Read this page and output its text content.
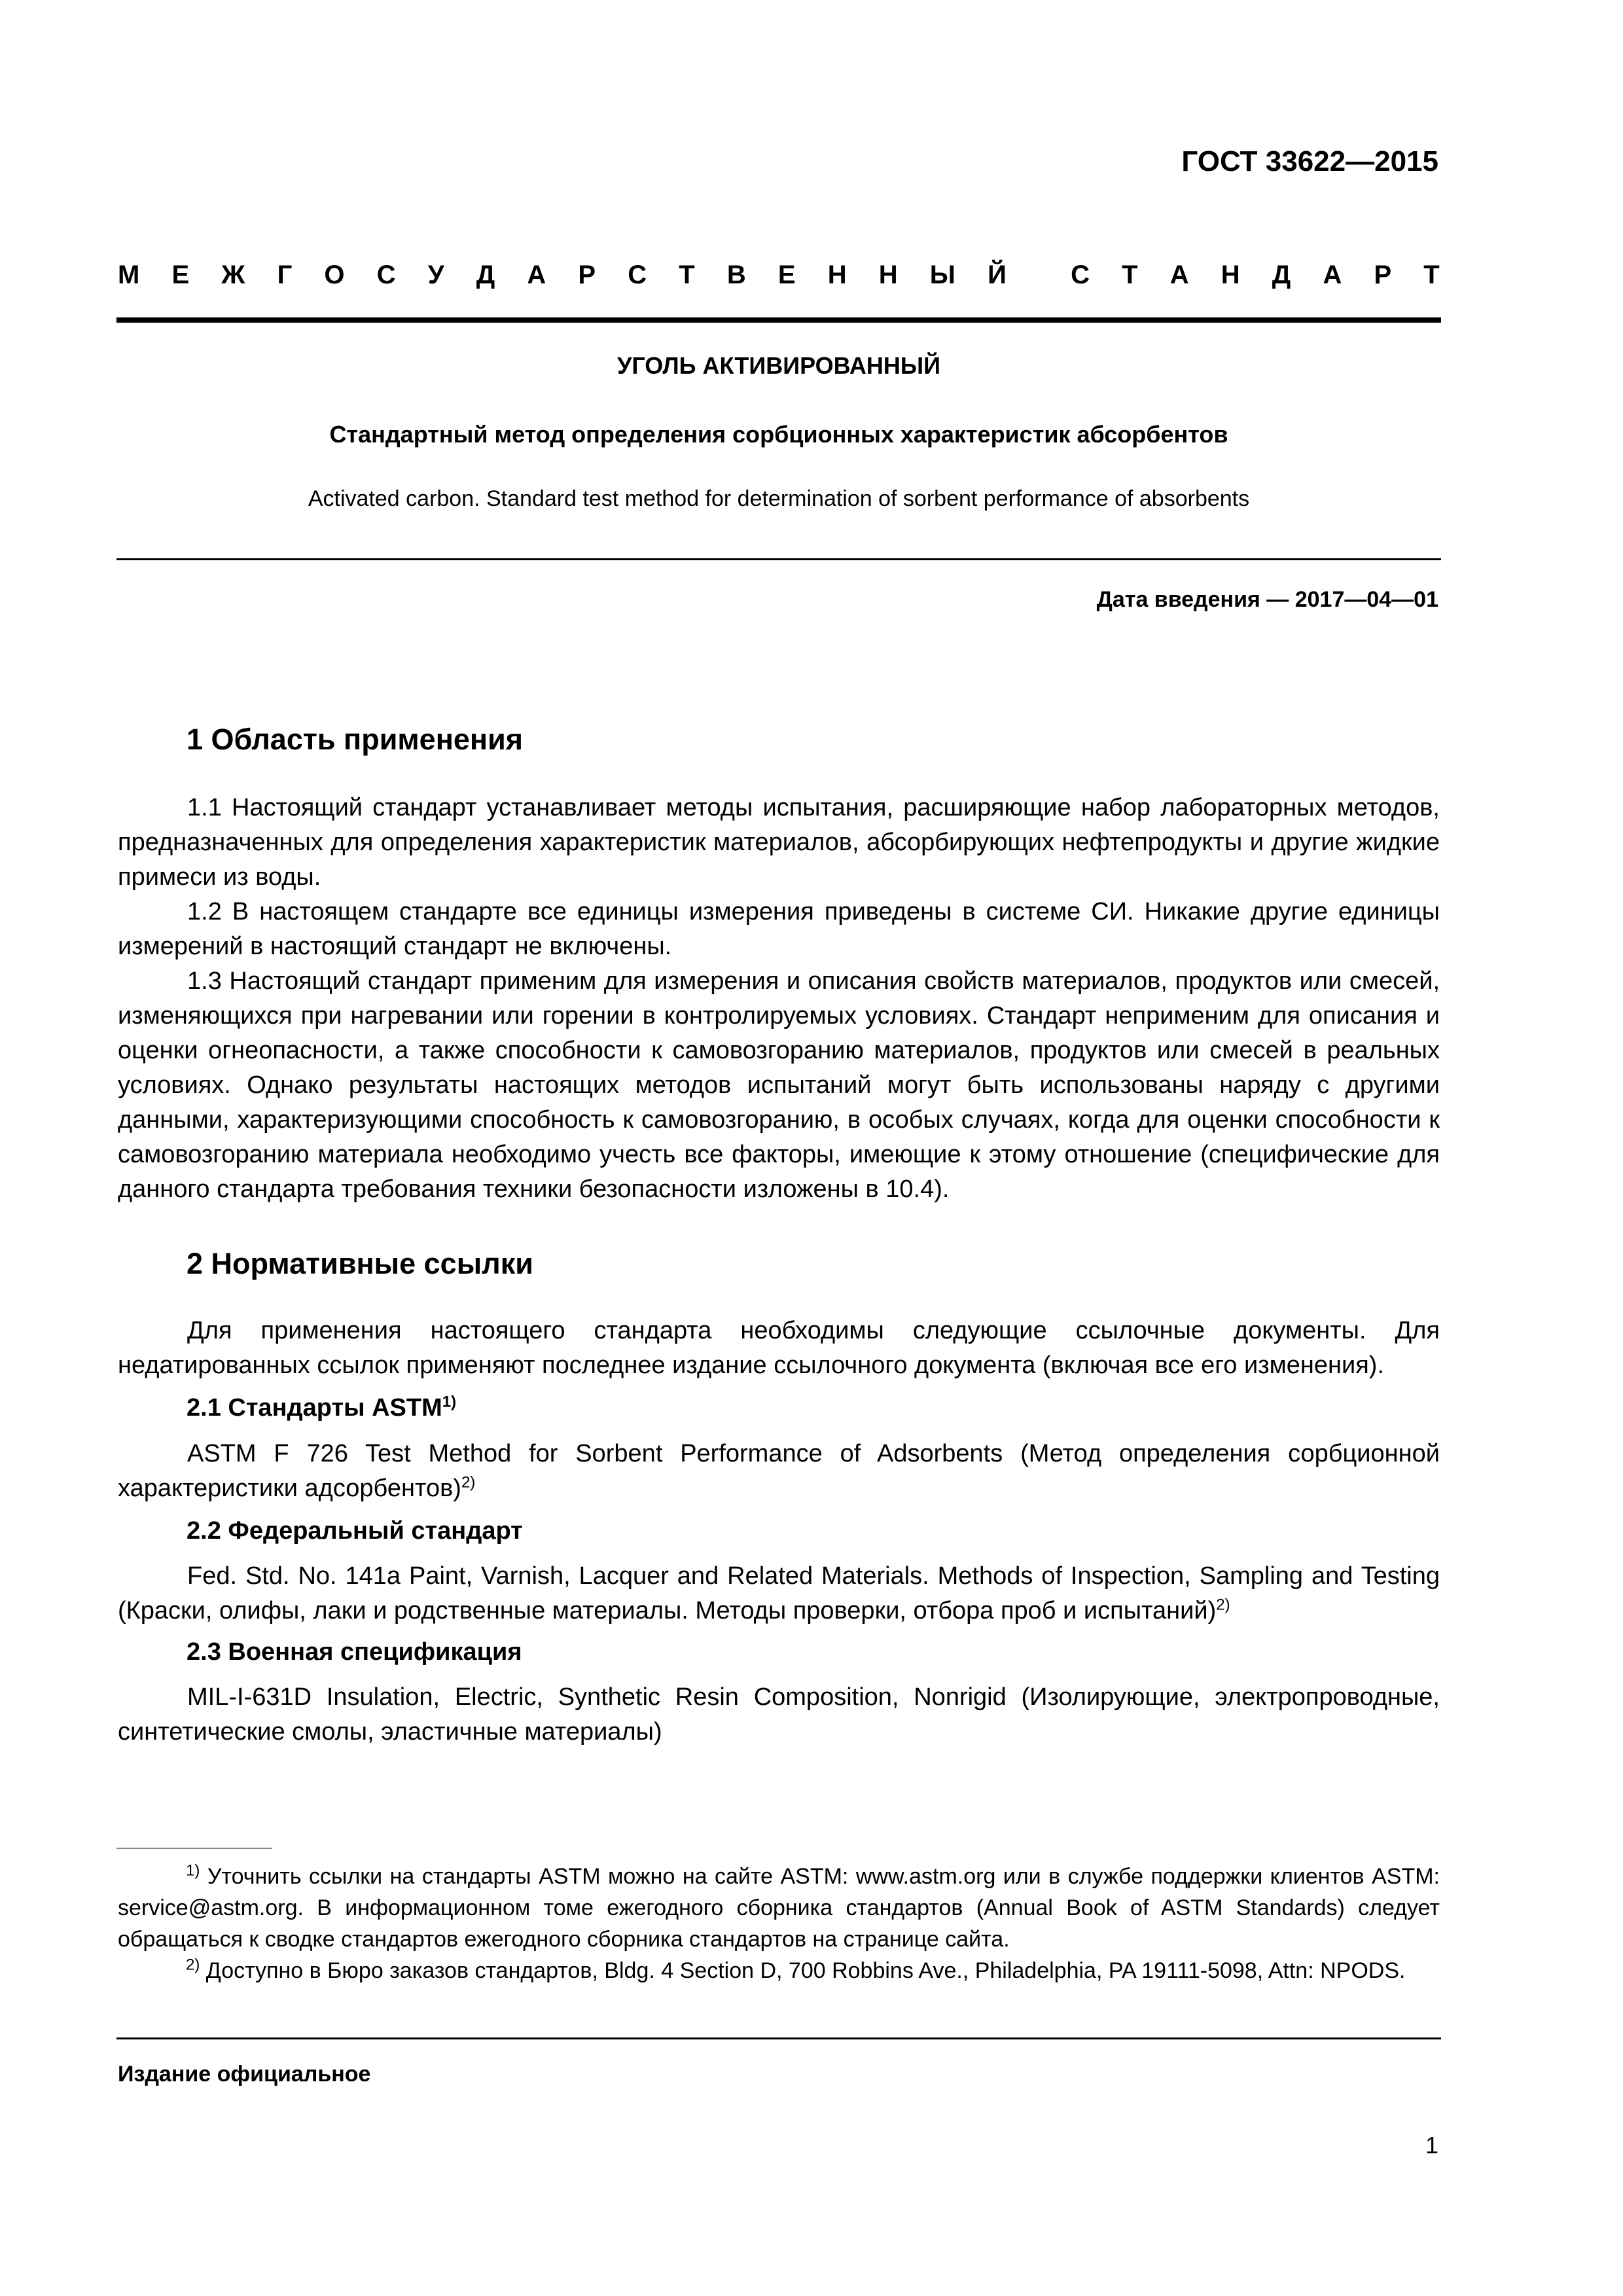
ГОСТ 33622—2015
М Е Ж Г О С У Д А Р С Т В Е Н Н Ы Й С Т А Н Д А Р Т
УГОЛЬ АКТИВИРОВАННЫЙ
Стандартный метод определения сорбционных характеристик абсорбентов
Activated carbon. Standard test method for determination of sorbent performance of absorbents
Дата введения — 2017—04—01
1 Область применения

1.1 Настоящий стандарт устанавливает методы испытания, расширяющие набор лабораторных методов, предназначенных для определения характеристик материалов, абсорбирующих нефтепродукты и другие жидкие примеси из воды.

1.2 В настоящем стандарте все единицы измерения приведены в системе СИ. Никакие другие единицы измерений в настоящий стандарт не включены.

1.3 Настоящий стандарт применим для измерения и описания свойств материалов, продуктов или смесей, изменяющихся при нагревании или горении в контролируемых условиях. Стандарт неприменим для описания и оценки огнеопасности, а также способности к самовозгоранию материалов, продуктов или смесей в реальных условиях. Однако результаты настоящих методов испытаний могут быть использованы наряду с другими данными, характеризующими способность к самовозгоранию, в особых случаях, когда для оценки способности к самовозгоранию материала необходимо учесть все факторы, имеющие к этому отношение (специфические для данного стандарта требования техники безопасности изложены в 10.4).

2 Нормативные ссылки

Для применения настоящего стандарта необходимы следующие ссылочные документы. Для недатированных ссылок применяют последнее издание ссылочного документа (включая все его изменения).

2.1 Стандарты ASTM$^{1)}$

ASTM F 726 Test Method for Sorbent Performance of Adsorbents (Метод определения сорбционной характеристики адсорбентов)$^{2)}$

2.2 Федеральный стандарт

Fed. Std. No. 141a Paint, Varnish, Lacquer and Related Materials. Methods of Inspection, Sampling and Testing (Краски, олифы, лаки и родственные материалы. Методы проверки, отбора проб и испытаний)$^{2)}$

2.3 Военная спецификация

MIL-I-631D Insulation, Electric, Synthetic Resin Composition, Nonrigid (Изолирующие, электропроводные, синтетические смолы, эластичные материалы)

$^{1)}$ Уточнить ссылки на стандарты ASTM можно на сайте ASTM: www.astm.org или в службе поддержки клиентов ASTM: service@astm.org. В информационном томе ежегодного сборника стандартов (Annual Book of ASTM Standards) следует обращаться к сводке стандартов ежегодного сборника стандартов на странице сайта.

$^{2)}$ Доступно в Бюро заказов стандартов, Bldg. 4 Section D, 700 Robbins Ave., Philadelphia, PA 19111-5098, Attn: NPODS.

Издание официальное
1
